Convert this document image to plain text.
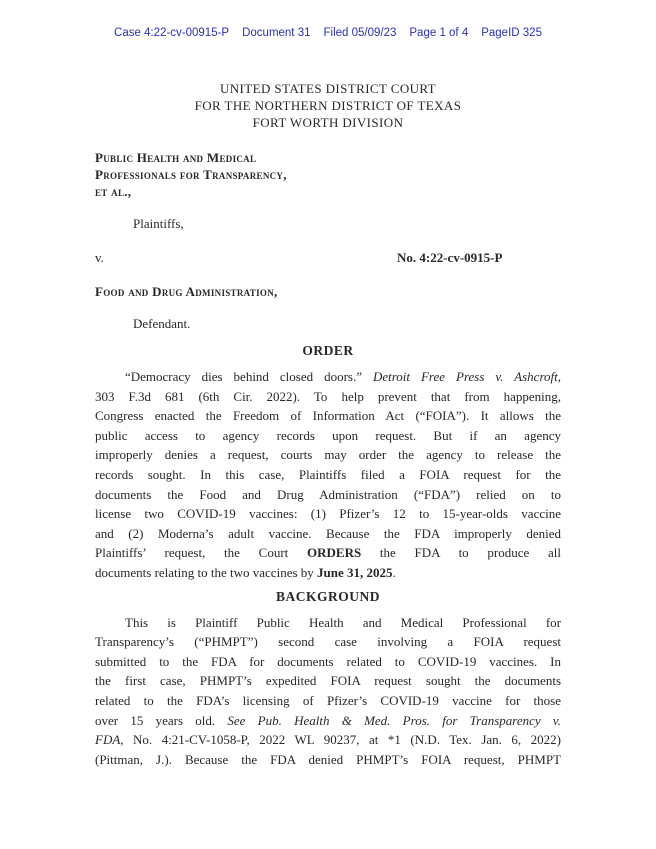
Case 4:22-cv-00915-P Document 31 Filed 05/09/23 Page 1 of 4 PageID 325
UNITED STATES DISTRICT COURT
FOR THE NORTHERN DISTRICT OF TEXAS
FORT WORTH DIVISION
Public Health and Medical
Professionals for Transparency,
et al.,
Plaintiffs,
v.	No. 4:22-cv-0915-P
Food and Drug Administration,
Defendant.
ORDER
“Democracy dies behind closed doors.” Detroit Free Press v. Ashcroft,
303 F.3d 681 (6th Cir. 2022). To help prevent that from happening,
Congress enacted the Freedom of Information Act (“FOIA”). It allows the
public access to agency records upon request. But if an agency
improperly denies a request, courts may order the agency to release the
records sought. In this case, Plaintiffs filed a FOIA request for the
documents the Food and Drug Administration (“FDA”) relied on to
license two COVID-19 vaccines: (1) Pfizer’s 12 to 15-year-olds vaccine
and (2) Moderna’s adult vaccine. Because the FDA improperly denied
Plaintiffs’ request, the Court ORDERS the FDA to produce all
documents relating to the two vaccines by June 31, 2025.
BACKGROUND
This is Plaintiff Public Health and Medical Professional for
Transparency’s (“PHMPT”) second case involving a FOIA request
submitted to the FDA for documents related to COVID-19 vaccines. In
the first case, PHMPT’s expedited FOIA request sought the documents
related to the FDA’s licensing of Pfizer’s COVID-19 vaccine for those
over 15 years old. See Pub. Health & Med. Pros. for Transparency v.
FDA, No. 4:21-CV-1058-P, 2022 WL 90237, at *1 (N.D. Tex. Jan. 6, 2022)
(Pittman, J.). Because the FDA denied PHMPT’s FOIA request, PHMPT
